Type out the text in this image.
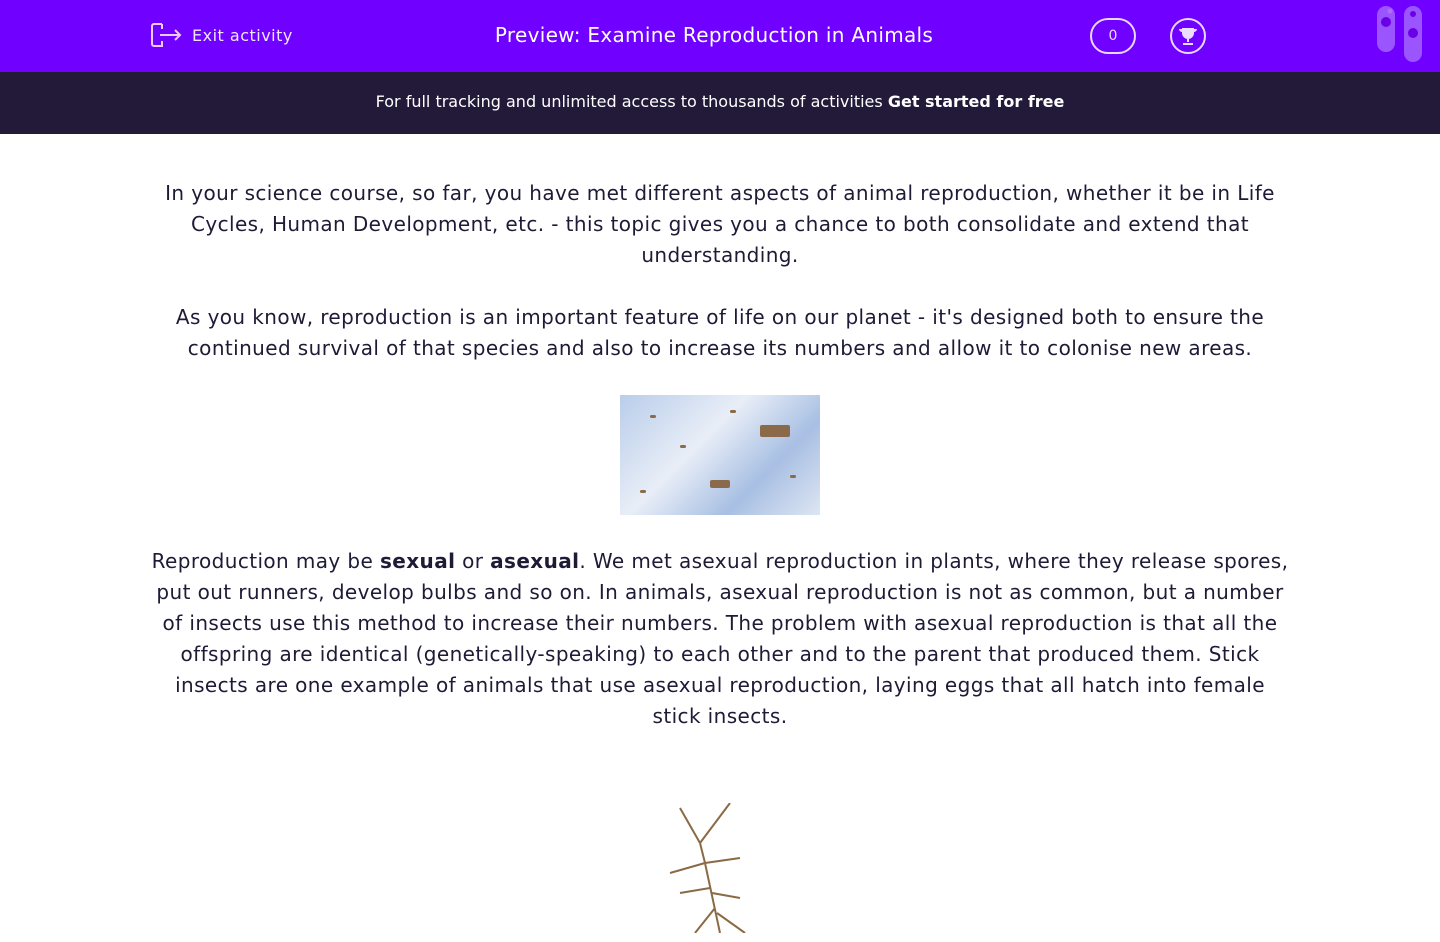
Exit activity	Preview: Examine Reproduction in Animals	0
For full tracking and unlimited access to thousands of activities Get started for free

In your science course, so far, you have met different aspects of animal reproduction, whether it be in Life Cycles, Human Development, etc. - this topic gives you a chance to both consolidate and extend that understanding.

As you know, reproduction is an important feature of life on our planet - it's designed both to ensure the continued survival of that species and also to increase its numbers and allow it to colonise new areas.

Reproduction may be sexual or asexual. We met asexual reproduction in plants, where they release spores, put out runners, develop bulbs and so on. In animals, asexual reproduction is not as common, but a number of insects use this method to increase their numbers. The problem with asexual reproduction is that all the offspring are identical (genetically-speaking) to each other and to the parent that produced them. Stick insects are one example of animals that use asexual reproduction, laying eggs that all hatch into female stick insects.
